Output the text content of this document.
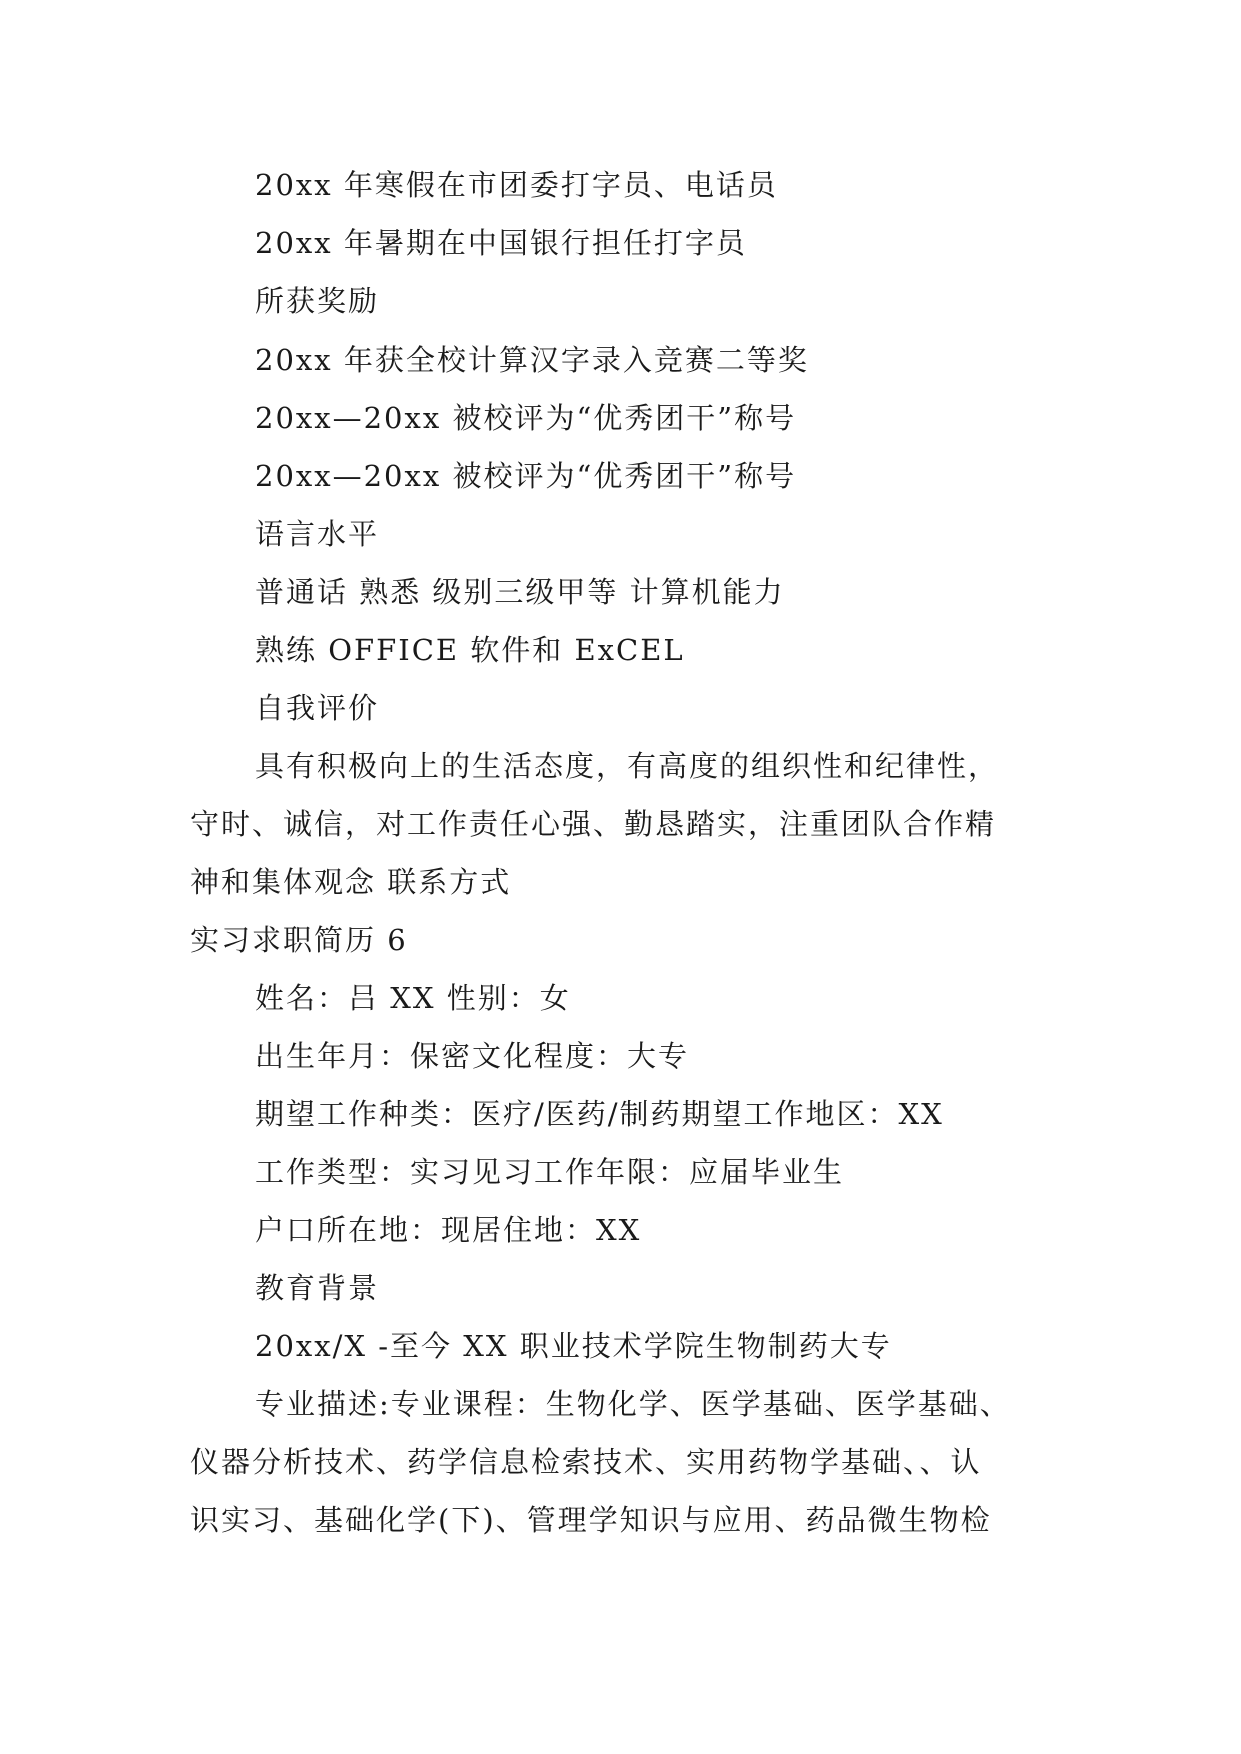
20xx 年寒假在市团委打字员、电话员
20xx 年暑期在中国银行担任打字员
所获奖励
20xx 年获全校计算汉字录入竞赛二等奖
20xx—20xx 被校评为“优秀团干”称号
20xx—20xx 被校评为“优秀团干”称号
语言水平
普通话 熟悉 级别三级甲等 计算机能力
熟练 OFFICE 软件和 ExCEL
自我评价
具有积极向上的生活态度，有高度的组织性和纪律性，
守时、诚信，对工作责任心强、勤恳踏实，注重团队合作精
神和集体观念 联系方式
实习求职简历 6
姓名：吕 XX 性别：女
出生年月：保密文化程度：大专
期望工作种类：医疗/医药/制药期望工作地区：XX
工作类型：实习见习工作年限：应届毕业生
户口所在地：现居住地：XX
教育背景
20xx/X -至今 XX 职业技术学院生物制药大专
专业描述:专业课程：生物化学、医学基础、医学基础、
仪器分析技术、药学信息检索技术、实用药物学基础、、认
识实习、基础化学(下)、管理学知识与应用、药品微生物检
